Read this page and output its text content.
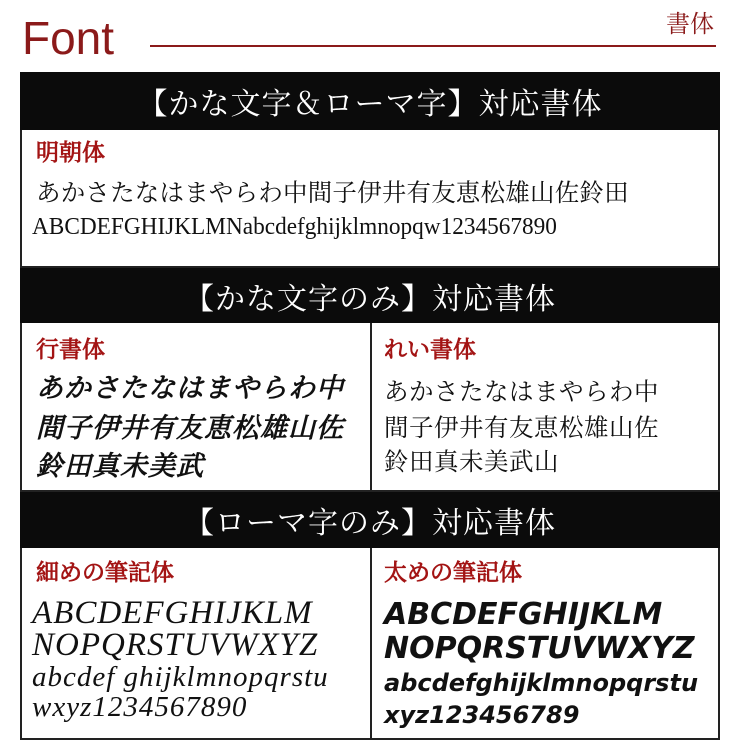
Font	書体
【かな文字＆ローマ字】対応書体
明朝体
あかさたなはまやらわ中間子伊井有友恵松雄山佐鈴田
ABCDEFGHIJKLMNabcdefghijklmnopqw1234567890
【かな文字のみ】対応書体
行書体
あかさたなはまやらわ中
間子伊井有友恵松雄山佐
鈴田真未美武
れい書体
あかさたなはまやらわ中
間子伊井有友恵松雄山佐
鈴田真未美武山
【ローマ字のみ】対応書体
細めの筆記体
ABCDEFGHIJKLM
NOPQRSTUVWXYZ
abcdef ghijklmnopqrstu
wxyz1234567890
太めの筆記体
ABCDEFGHIJKLM
NOPQRSTUVWXYZ
abcdefghijklmnopqrstu
xyz123456789
